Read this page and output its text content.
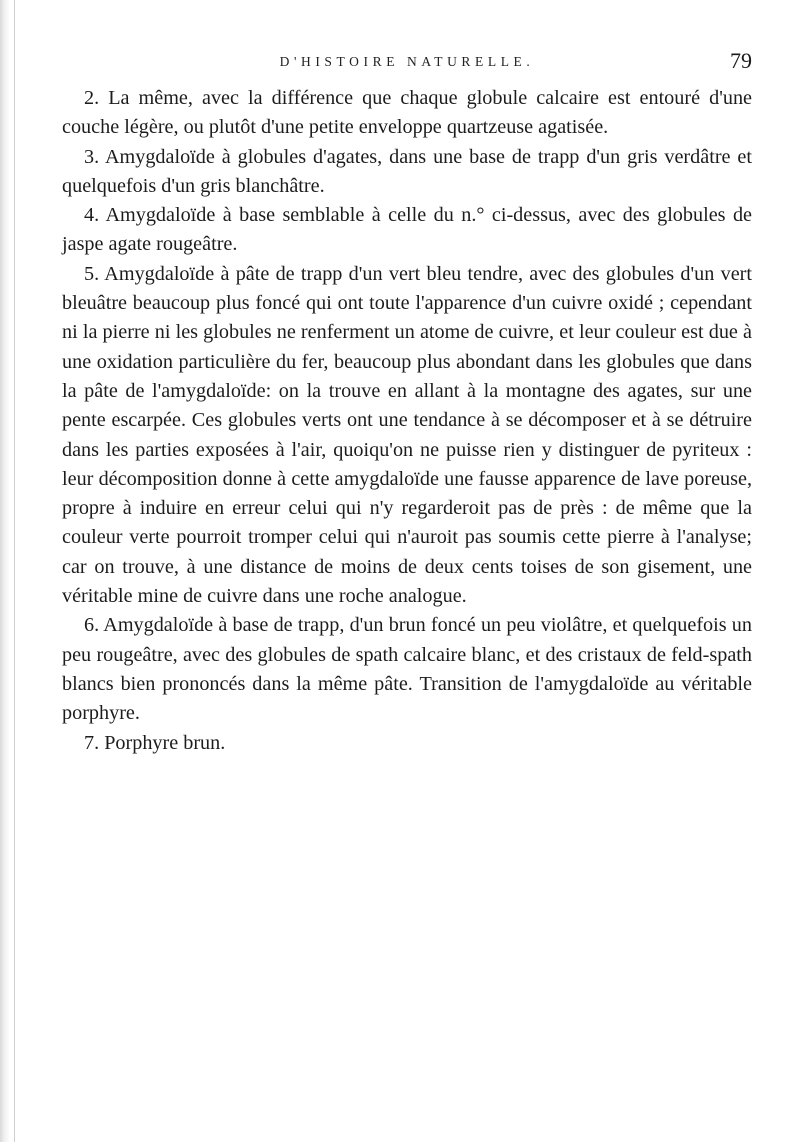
D'HISTOIRE NATURELLE.	79

2. La même, avec la différence que chaque globule calcaire est entouré d'une couche légère, ou plutôt d'une petite enveloppe quartzeuse agatisée.

3. Amygdaloïde à globules d'agates, dans une base de trapp d'un gris verdâtre et quelquefois d'un gris blanchâtre.

4. Amygdaloïde à base semblable à celle du n.° ci-dessus, avec des globules de jaspe agate rougeâtre.

5. Amygdaloïde à pâte de trapp d'un vert bleu tendre, avec des globules d'un vert bleuâtre beaucoup plus foncé qui ont toute l'apparence d'un cuivre oxidé ; cependant ni la pierre ni les globules ne renferment un atome de cuivre, et leur couleur est due à une oxidation particulière du fer, beaucoup plus abondant dans les globules que dans la pâte de l'amygdaloïde: on la trouve en allant à la montagne des agates, sur une pente escarpée. Ces globules verts ont une tendance à se décomposer et à se détruire dans les parties exposées à l'air, quoiqu'on ne puisse rien y distinguer de pyriteux : leur décomposition donne à cette amygdaloïde une fausse apparence de lave poreuse, propre à induire en erreur celui qui n'y regarderoit pas de près : de même que la couleur verte pourroit tromper celui qui n'auroit pas soumis cette pierre à l'analyse; car on trouve, à une distance de moins de deux cents toises de son gisement, une véritable mine de cuivre dans une roche analogue.

6. Amygdaloïde à base de trapp, d'un brun foncé un peu violâtre, et quelquefois un peu rougeâtre, avec des globules de spath calcaire blanc, et des cristaux de feld-spath blancs bien prononcés dans la même pâte. Transition de l'amygdaloïde au véritable porphyre.

7. Porphyre brun.
